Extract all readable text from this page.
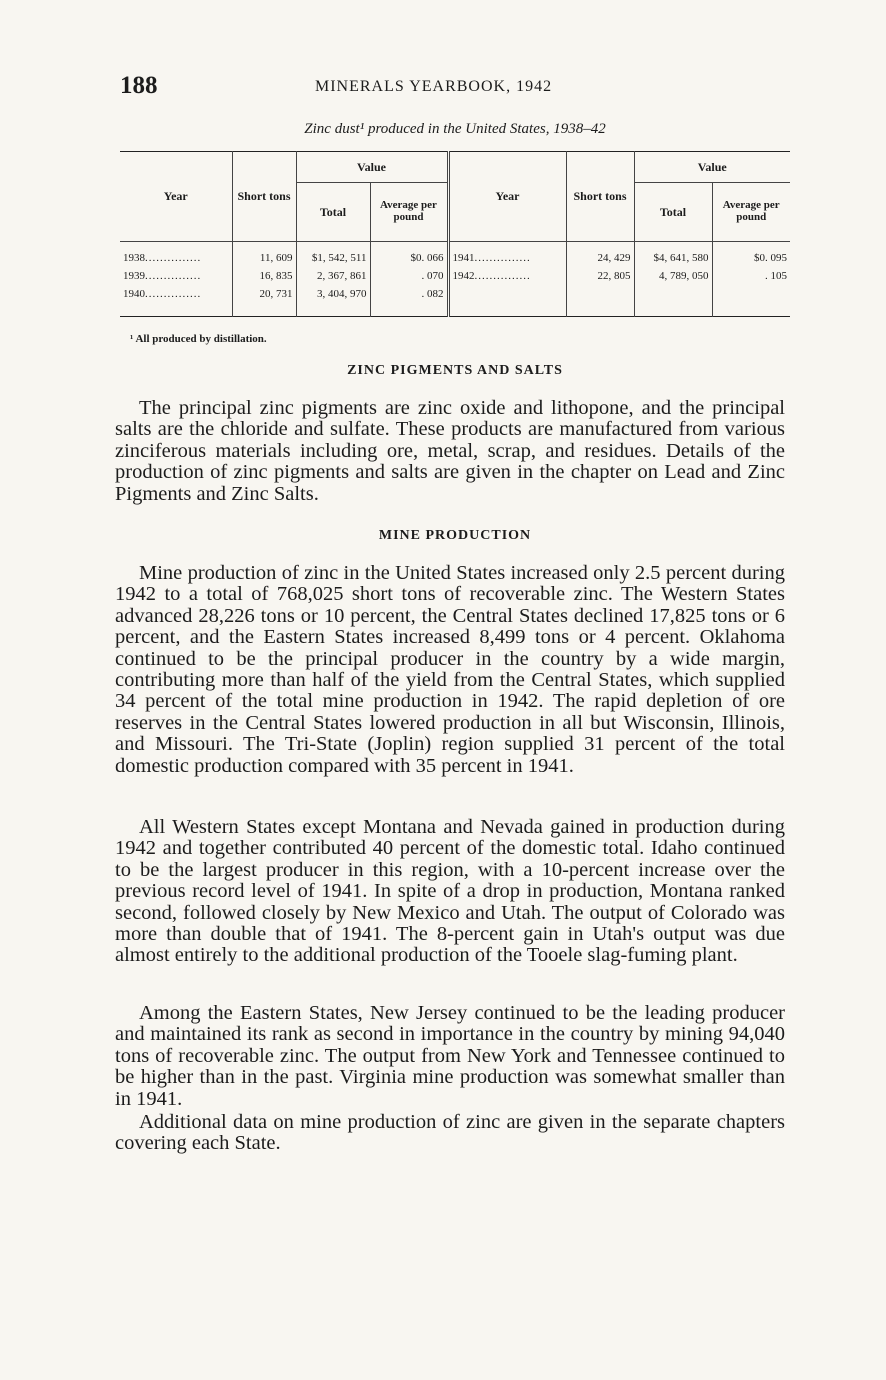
188	MINERALS YEARBOOK, 1942
Zinc dust¹ produced in the United States, 1938–42
Year	Short tons	Value		Year	Short tons	Value	
		Total	Average per pound			Total	Average per pound
1938...............	11, 609	$1, 542, 511	$0. 066	1941...............	24, 429	$4, 641, 580	$0. 095
1939...............	16, 835	2, 367, 861	. 070	1942...............	22, 805	4, 789, 050	. 105
1940...............	20, 731	3, 404, 970	. 082				
¹ All produced by distillation.
ZINC PIGMENTS AND SALTS

The principal zinc pigments are zinc oxide and lithopone, and the principal salts are the chloride and sulfate. These products are manufactured from various zinciferous materials including ore, metal, scrap, and residues. Details of the production of zinc pigments and salts are given in the chapter on Lead and Zinc Pigments and Zinc Salts.

MINE PRODUCTION

Mine production of zinc in the United States increased only 2.5 percent during 1942 to a total of 768,025 short tons of recoverable zinc. The Western States advanced 28,226 tons or 10 percent, the Central States declined 17,825 tons or 6 percent, and the Eastern States increased 8,499 tons or 4 percent. Oklahoma continued to be the principal producer in the country by a wide margin, contributing more than half of the yield from the Central States, which supplied 34 percent of the total mine production in 1942. The rapid depletion of ore reserves in the Central States lowered production in all but Wisconsin, Illinois, and Missouri. The Tri-State (Joplin) region supplied 31 percent of the total domestic production compared with 35 percent in 1941.

All Western States except Montana and Nevada gained in production during 1942 and together contributed 40 percent of the domestic total. Idaho continued to be the largest producer in this region, with a 10-percent increase over the previous record level of 1941. In spite of a drop in production, Montana ranked second, followed closely by New Mexico and Utah. The output of Colorado was more than double that of 1941. The 8-percent gain in Utah's output was due almost entirely to the additional production of the Tooele slag-fuming plant.

Among the Eastern States, New Jersey continued to be the leading producer and maintained its rank as second in importance in the country by mining 94,040 tons of recoverable zinc. The output from New York and Tennessee continued to be higher than in the past. Virginia mine production was somewhat smaller than in 1941.

Additional data on mine production of zinc are given in the separate chapters covering each State.
